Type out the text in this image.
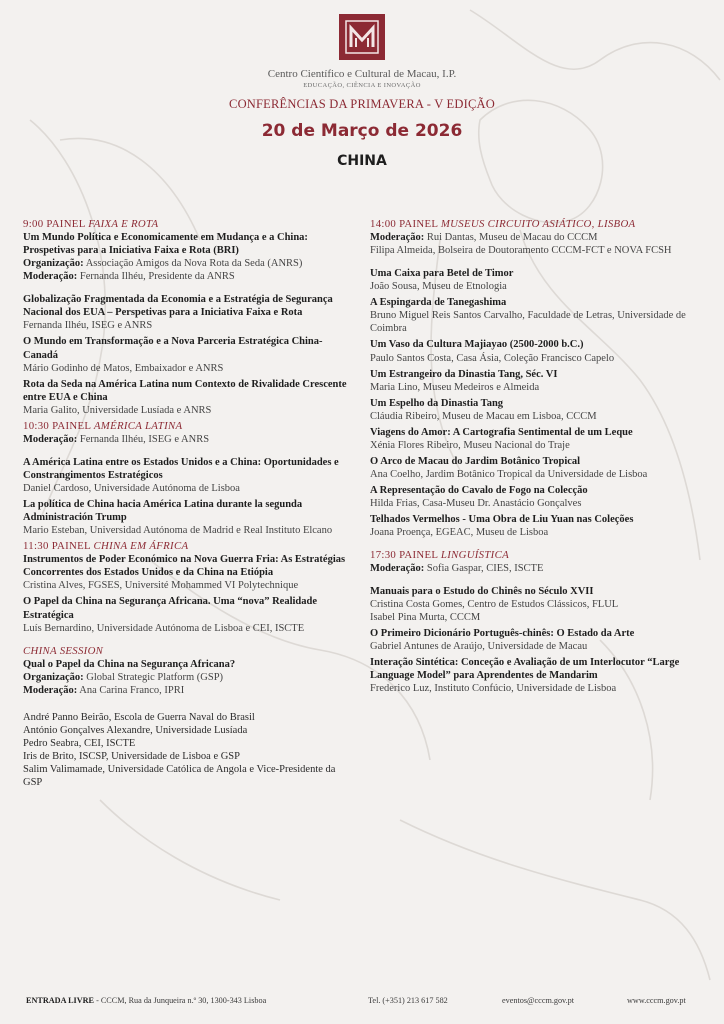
Centro Científico e Cultural de Macau, I.P.
EDUCAÇÃO, CIÊNCIA E INOVAÇÃO
CONFERÊNCIAS DA PRIMAVERA - V EDIÇÃO
20 de Março de 2026
CHINA
9:00 PAINEL FAIXA E ROTA
Um Mundo Política e Economicamente em Mudança e a China: Prospetivas para a Iniciativa Faixa e Rota (BRI)
Organização: Associação Amigos da Nova Rota da Seda (ANRS)
Moderação: Fernanda Ilhéu, Presidente da ANRS
Globalização Fragmentada da Economia e a Estratégia de Segurança Nacional dos EUA – Perspetivas para a Iniciativa Faixa e Rota
Fernanda Ilhéu, ISEG e ANRS
O Mundo em Transformação e a Nova Parceria Estratégica China-Canadá
Mário Godinho de Matos, Embaixador e ANRS
Rota da Seda na América Latina num Contexto de Rivalidade Crescente entre EUA e China
Maria Galito, Universidade Lusíada e ANRS
10:30 PAINEL AMÉRICA LATINA
Moderação: Fernanda Ilhéu, ISEG e ANRS
A América Latina entre os Estados Unidos e a China: Oportunidades e Constrangimentos Estratégicos
Daniel Cardoso, Universidade Autónoma de Lisboa
La política de China hacia América Latina durante la segunda Administración Trump
Mario Esteban, Universidad Autónoma de Madrid e Real Instituto Elcano
11:30 PAINEL CHINA EM ÁFRICA
Instrumentos de Poder Económico na Nova Guerra Fria: As Estratégias Concorrentes dos Estados Unidos e da China na Etiópia
Cristina Alves, FGSES, Université Mohammed VI Polytechnique
O Papel da China na Segurança Africana. Uma “nova” Realidade Estratégica
Luís Bernardino, Universidade Autónoma de Lisboa e CEI, ISCTE
CHINA SESSION
Qual o Papel da China na Segurança Africana?
Organização: Global Strategic Platform (GSP)
Moderação: Ana Carina Franco, IPRI
André Panno Beirão, Escola de Guerra Naval do Brasil
António Gonçalves Alexandre, Universidade Lusíada
Pedro Seabra, CEI, ISCTE
Iris de Brito, ISCSP, Universidade de Lisboa e GSP
Salim Valimamade, Universidade Católica de Angola e Vice-Presidente da GSP
14:00 PAINEL MUSEUS CIRCUITO ASIÁTICO, LISBOA
Moderação: Rui Dantas, Museu de Macau do CCCM
Filipa Almeida, Bolseira de Doutoramento CCCM-FCT e NOVA FCSH
Uma Caixa para Betel de Timor
João Sousa, Museu de Etnologia
A Espingarda de Tanegashima
Bruno Miguel Reis Santos Carvalho, Faculdade de Letras, Universidade de Coimbra
Um Vaso da Cultura Majiayao (2500-2000 b.C.)
Paulo Santos Costa, Casa Ásia, Coleção Francisco Capelo
Um Estrangeiro da Dinastia Tang, Séc. VI
Maria Lino, Museu Medeiros e Almeida
Um Espelho da Dinastia Tang
Cláudia Ribeiro, Museu de Macau em Lisboa, CCCM
Viagens do Amor: A Cartografia Sentimental de um Leque
Xénia Flores Ribeiro, Museu Nacional do Traje
O Arco de Macau do Jardim Botânico Tropical
Ana Coelho, Jardim Botânico Tropical da Universidade de Lisboa
A Representação do Cavalo de Fogo na Colecção
Hilda Frias, Casa-Museu Dr. Anastácio Gonçalves
Telhados Vermelhos - Uma Obra de Liu Yuan nas Coleções
Joana Proença, EGEAC, Museu de Lisboa
17:30 PAINEL LINGUÍSTICA
Moderação: Sofia Gaspar, CIES, ISCTE
Manuais para o Estudo do Chinês no Século XVII
Cristina Costa Gomes, Centro de Estudos Clássicos, FLUL
Isabel Pina Murta, CCCM
O Primeiro Dicionário Português-chinês: O Estado da Arte
Gabriel Antunes de Araújo, Universidade de Macau
Interação Sintética: Conceção e Avaliação de um Interlocutor “Large Language Model” para Aprendentes de Mandarim
Frederico Luz, Instituto Confúcio, Universidade de Lisboa
ENTRADA LIVRE - CCCM, Rua da Junqueira n.º 30, 1300-343 Lisboa	Tel. (+351) 213 617 582	eventos@cccm.gov.pt	www.cccm.gov.pt
